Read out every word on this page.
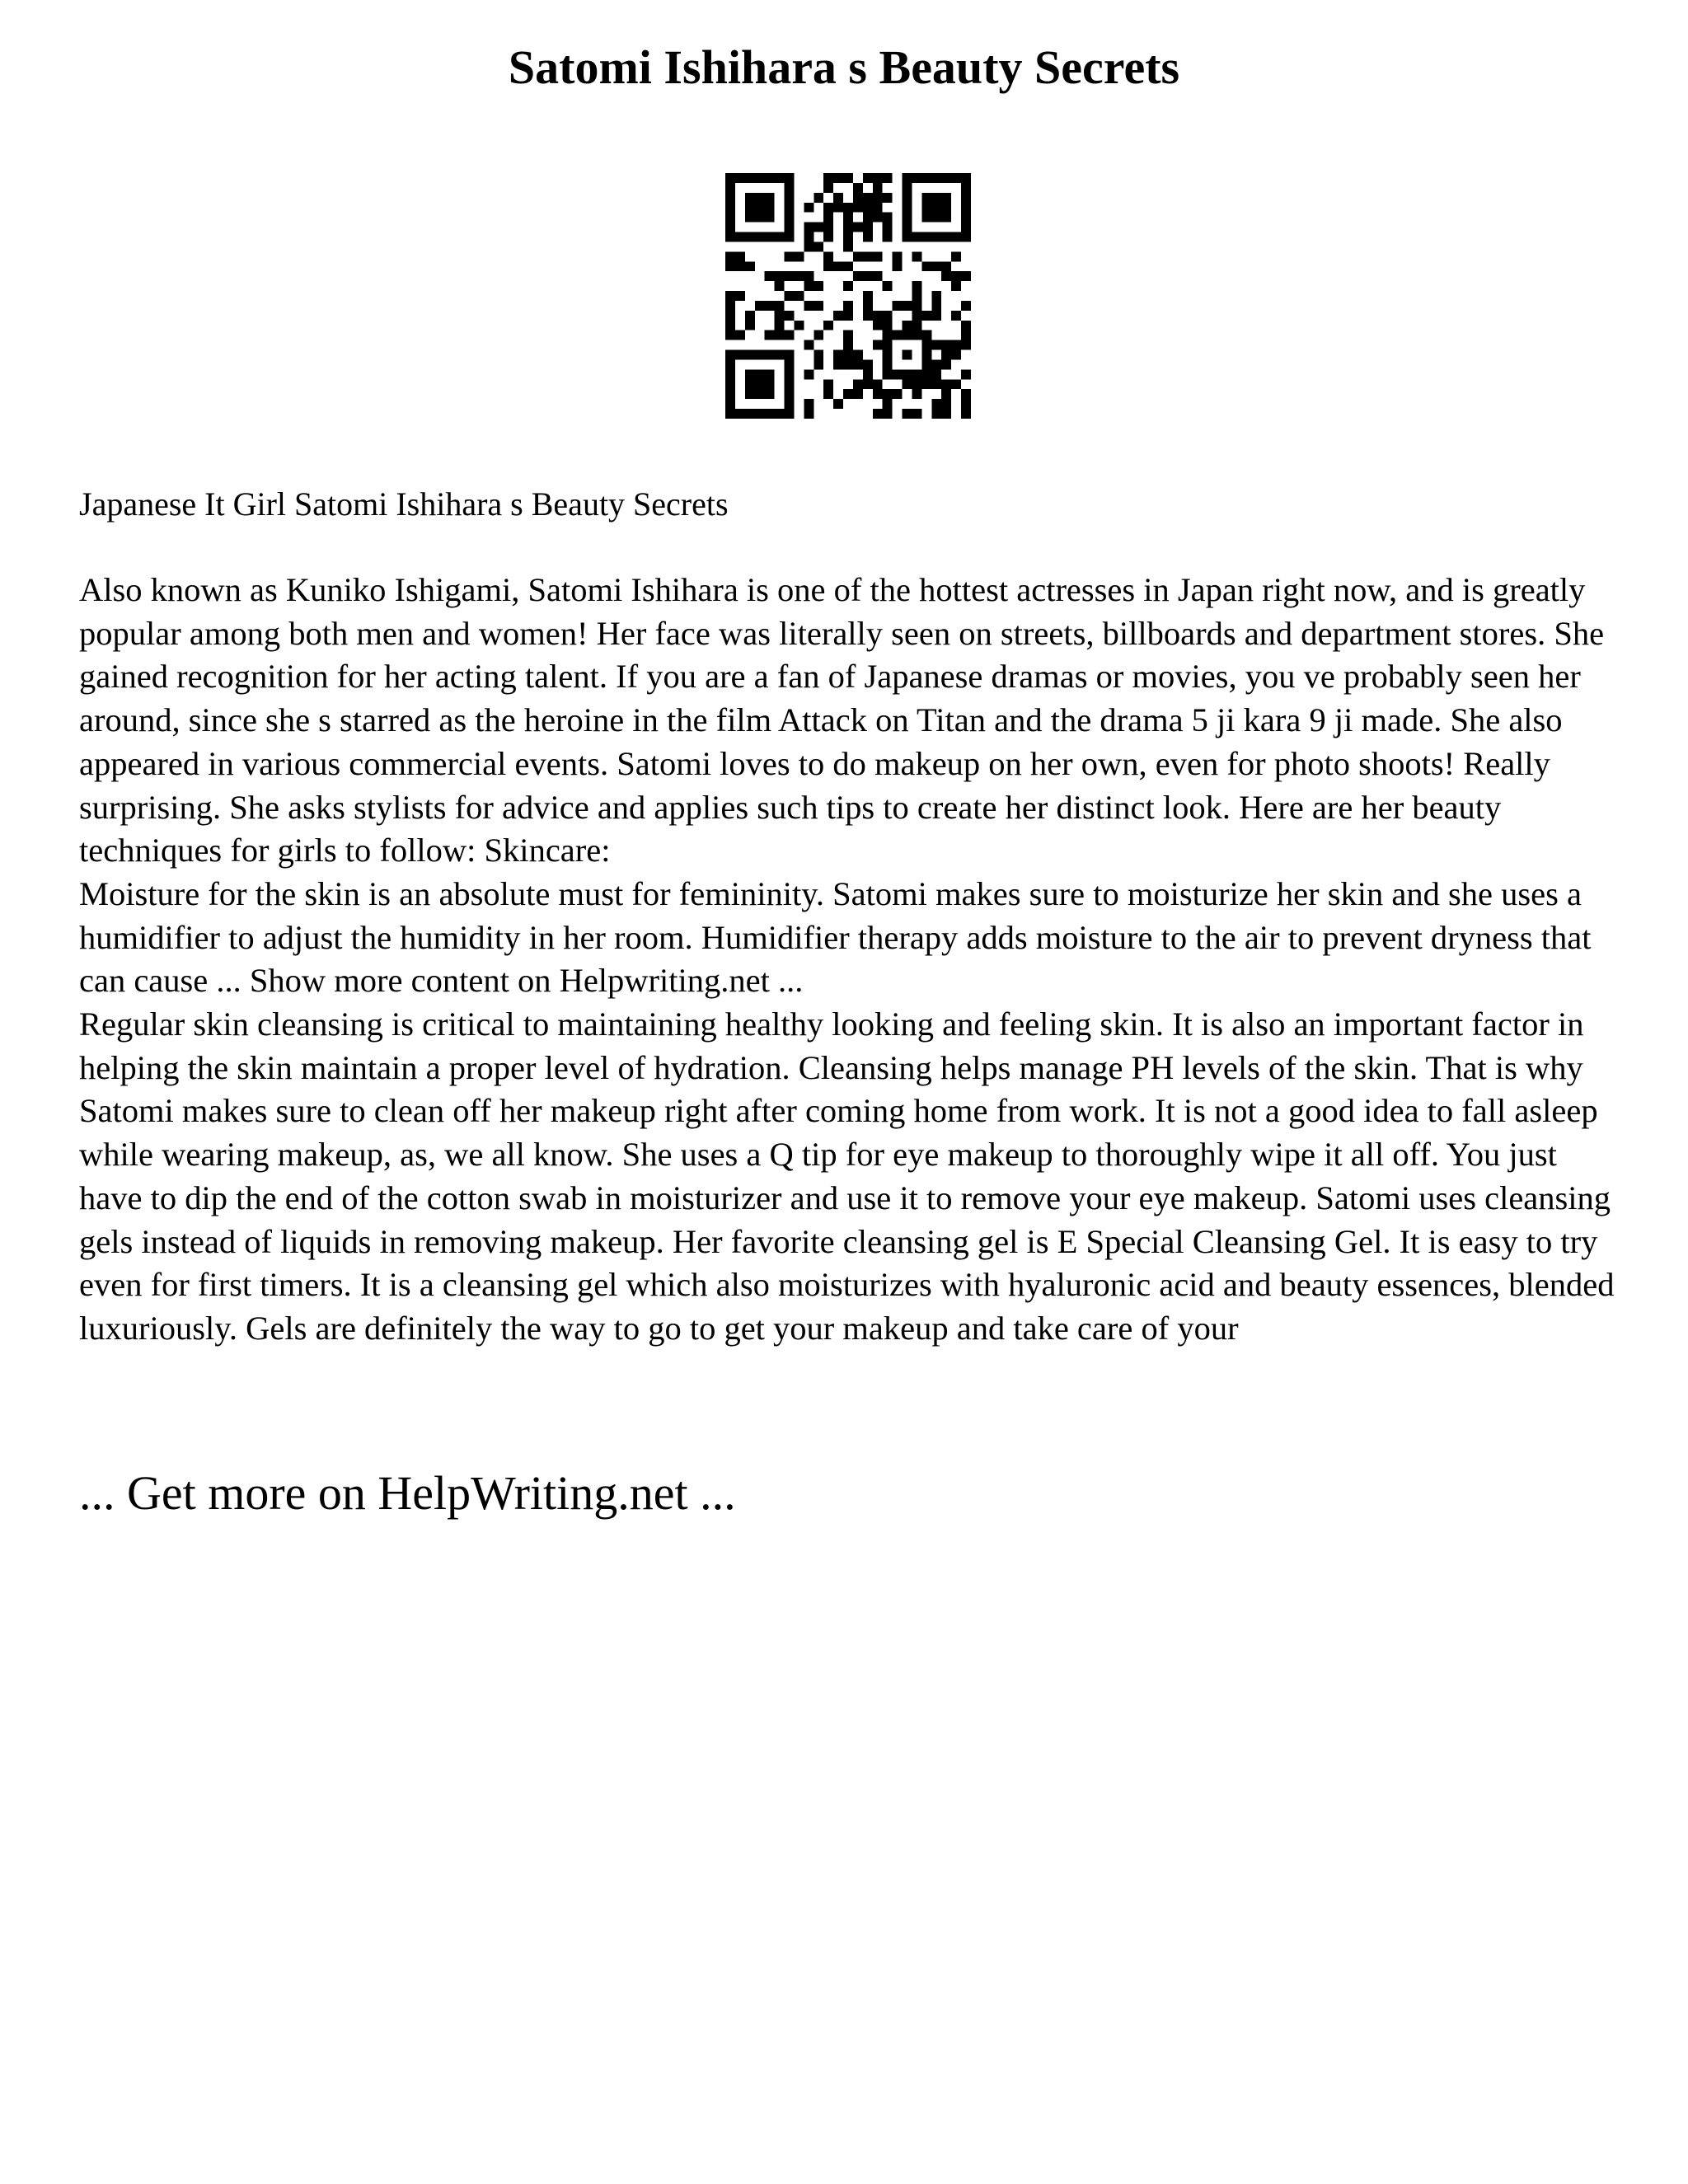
Satomi Ishihara s Beauty Secrets

Japanese It Girl Satomi Ishihara s Beauty Secrets

Also known as Kuniko Ishigami, Satomi Ishihara is one of the hottest actresses in Japan right now, and is greatly popular among both men and women! Her face was literally seen on streets, billboards and department stores. She gained recognition for her acting talent. If you are a fan of Japanese dramas or movies, you ve probably seen her around, since she s starred as the heroine in the film Attack on Titan and the drama 5 ji kara 9 ji made. She also appeared in various commercial events. Satomi loves to do makeup on her own, even for photo shoots! Really surprising. She asks stylists for advice and applies such tips to create her distinct look. Here are her beauty techniques for girls to follow: Skincare:

Moisture for the skin is an absolute must for femininity. Satomi makes sure to moisturize her skin and she uses a humidifier to adjust the humidity in her room. Humidifier therapy adds moisture to the air to prevent dryness that can cause ... Show more content on Helpwriting.net ...

Regular skin cleansing is critical to maintaining healthy looking and feeling skin. It is also an important factor in helping the skin maintain a proper level of hydration. Cleansing helps manage PH levels of the skin. That is why Satomi makes sure to clean off her makeup right after coming home from work. It is not a good idea to fall asleep while wearing makeup, as, we all know. She uses a Q tip for eye makeup to thoroughly wipe it all off. You just have to dip the end of the cotton swab in moisturizer and use it to remove your eye makeup. Satomi uses cleansing gels instead of liquids in removing makeup. Her favorite cleansing gel is E Special Cleansing Gel. It is easy to try even for first timers. It is a cleansing gel which also moisturizes with hyaluronic acid and beauty essences, blended luxuriously. Gels are definitely the way to go to get your makeup and take care of your

... Get more on HelpWriting.net ...
